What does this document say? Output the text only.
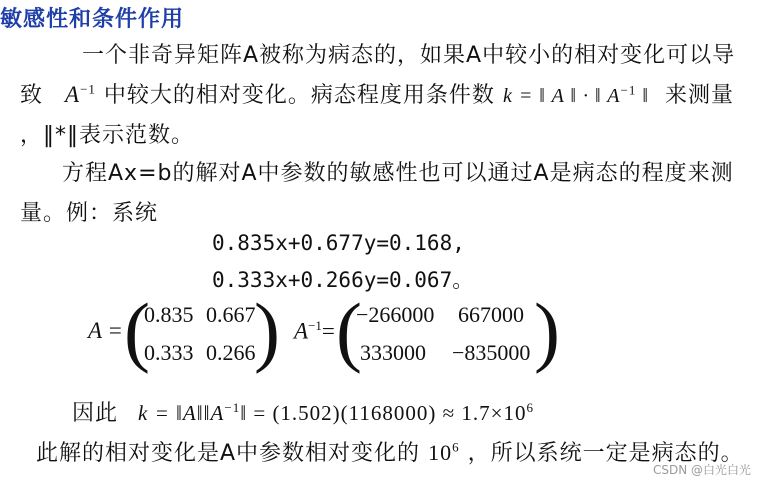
敏感性和条件作用
一个非奇异矩阵A被称为病态的，如果A中较小的相对变化可以导
致 $A^{-1}$ 中较大的相对变化。病态程度用条件数 k = ‖ A ‖ · ‖ $A^{-1}$ ‖ 来测量
，‖*‖表示范数。
方程Ax=b的解对A中参数的敏感性也可以通过A是病态的程度来测
量。例：系统
0.835x+0.677y=0.168,
0.333x+0.266y=0.067。
A = (
0.835 0.667
0.333 0.266
) $A^{-1}=$ (
−266000 667000
333000 −835000 )
因此 $k = ‖A‖‖A^{-1}‖ = (1.502)(1168000) \approx 1.7\times 10^6$
此解的相对变化是A中参数相对变化的 $10^6$ ，所以系统一定是病态的。
CSDN @白光白光
